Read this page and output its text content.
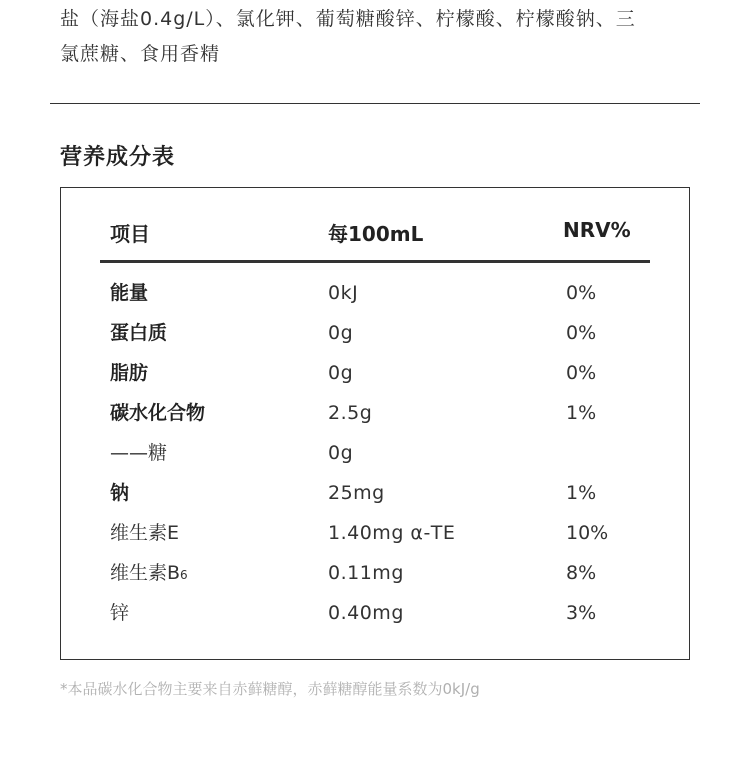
盐（海盐0.4g/L）、氯化钾、葡萄糖酸锌、柠檬酸、柠檬酸钠、三
氯蔗糖、食用香精
营养成分表
项目	每100mL	NRV%
能量	0kJ	0%
蛋白质	0g	0%
脂肪	0g	0%
碳水化合物	2.5g	1%
——糖	0g
钠	25mg	1%
维生素E	1.40mg α-TE	10%
维生素B6	0.11mg	8%
锌	0.40mg	3%
*本品碳水化合物主要来自赤藓糖醇，赤藓糖醇能量系数为0kJ/g
